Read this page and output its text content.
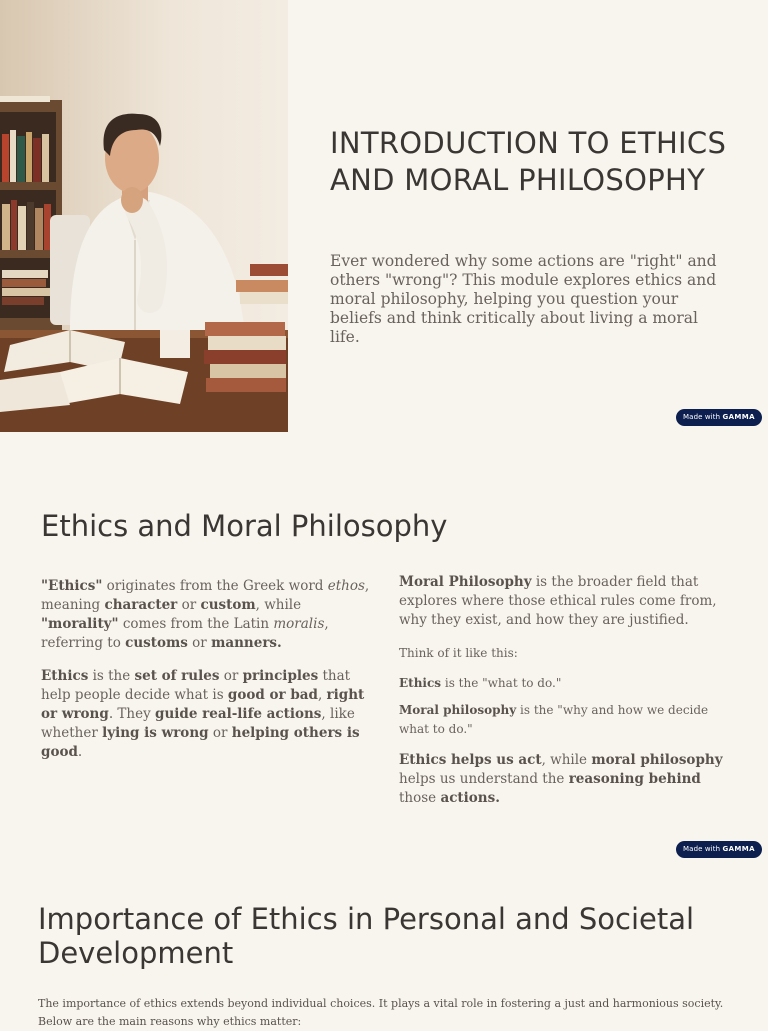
INTRODUCTION TO ETHICS AND MORAL PHILOSOPHY

Ever wondered why some actions are "right" and others "wrong"? This module explores ethics and moral philosophy, helping you question your beliefs and think critically about living a moral life.

Made with GAMMA
Ethics and Moral Philosophy

"Ethics" originates from the Greek word ethos, meaning character or custom, while "morality" comes from the Latin moralis, referring to customs or manners.

Ethics is the set of rules or principles that help people decide what is good or bad, right or wrong. They guide real-life actions, like whether lying is wrong or helping others is good.

Moral Philosophy is the broader field that explores where those ethical rules come from, why they exist, and how they are justified.

Think of it like this:

Ethics is the "what to do."

Moral philosophy is the "why and how we decide what to do."

Ethics helps us act, while moral philosophy helps us understand the reasoning behind those actions.

Made with GAMMA
Importance of Ethics in Personal and Societal Development

The importance of ethics extends beyond individual choices. It plays a vital role in fostering a just and harmonious society. Below are the main reasons why ethics matter:
